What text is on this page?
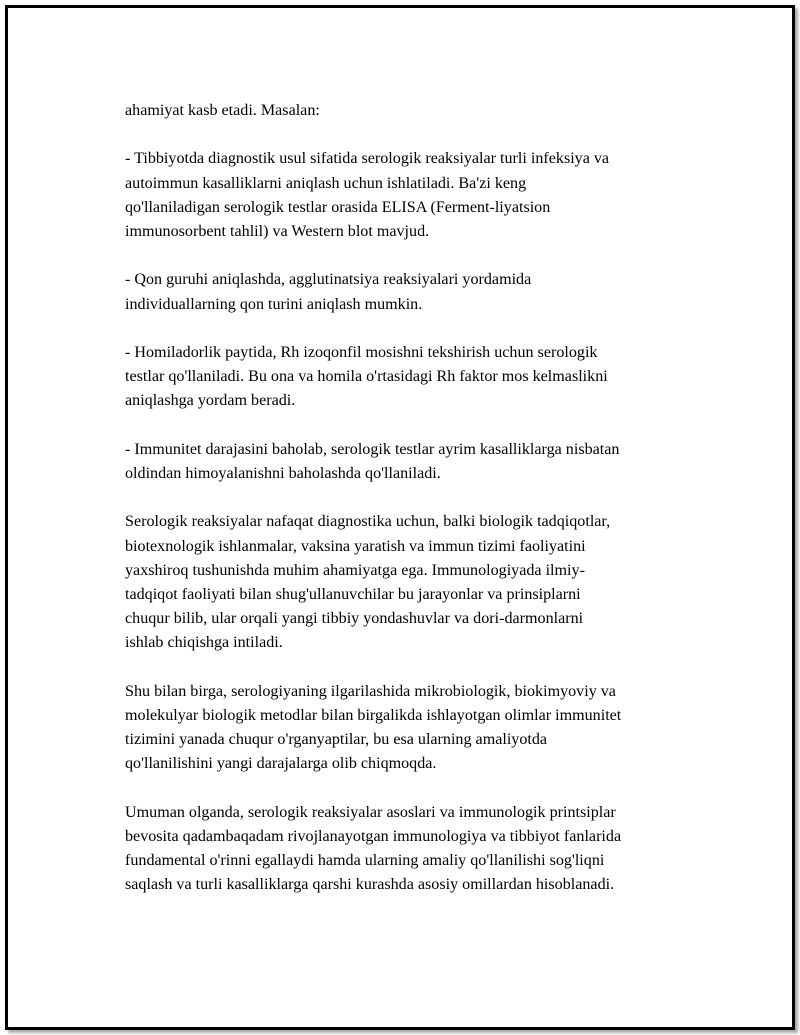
ahamiyat kasb etadi. Masalan:

- Tibbiyotda diagnostik usul sifatida serologik reaksiyalar turli infeksiya va
autoimmun kasalliklarni aniqlash uchun ishlatiladi. Ba'zi keng
qo'llaniladigan serologik testlar orasida ELISA (Ferment-liyatsion
immunosorbent tahlil) va Western blot mavjud.

- Qon guruhi aniqlashda, agglutinatsiya reaksiyalari yordamida
individuallarning qon turini aniqlash mumkin.

- Homiladorlik paytida, Rh izoqonfil mosishni tekshirish uchun serologik
testlar qo'llaniladi. Bu ona va homila o'rtasidagi Rh faktor mos kelmaslikni
aniqlashga yordam beradi.

- Immunitet darajasini baholab, serologik testlar ayrim kasalliklarga nisbatan
oldindan himoyalanishni baholashda qo'llaniladi.

Serologik reaksiyalar nafaqat diagnostika uchun, balki biologik tadqiqotlar,
biotexnologik ishlanmalar, vaksina yaratish va immun tizimi faoliyatini
yaxshiroq tushunishda muhim ahamiyatga ega. Immunologiyada ilmiy-
tadqiqot faoliyati bilan shug'ullanuvchilar bu jarayonlar va prinsiplarni
chuqur bilib, ular orqali yangi tibbiy yondashuvlar va dori-darmonlarni
ishlab chiqishga intiladi.

Shu bilan birga, serologiyaning ilgarilashida mikrobiologik, biokimyoviy va
molekulyar biologik metodlar bilan birgalikda ishlayotgan olimlar immunitet
tizimini yanada chuqur o'rganyaptilar, bu esa ularning amaliyotda
qo'llanilishini yangi darajalarga olib chiqmoqda.

Umuman olganda, serologik reaksiyalar asoslari va immunologik printsiplar
bevosita qadambaqadam rivojlanayotgan immunologiya va tibbiyot fanlarida
fundamental o'rinni egallaydi hamda ularning amaliy qo'llanilishi sog'liqni
saqlash va turli kasalliklarga qarshi kurashda asosiy omillardan hisoblanadi.
